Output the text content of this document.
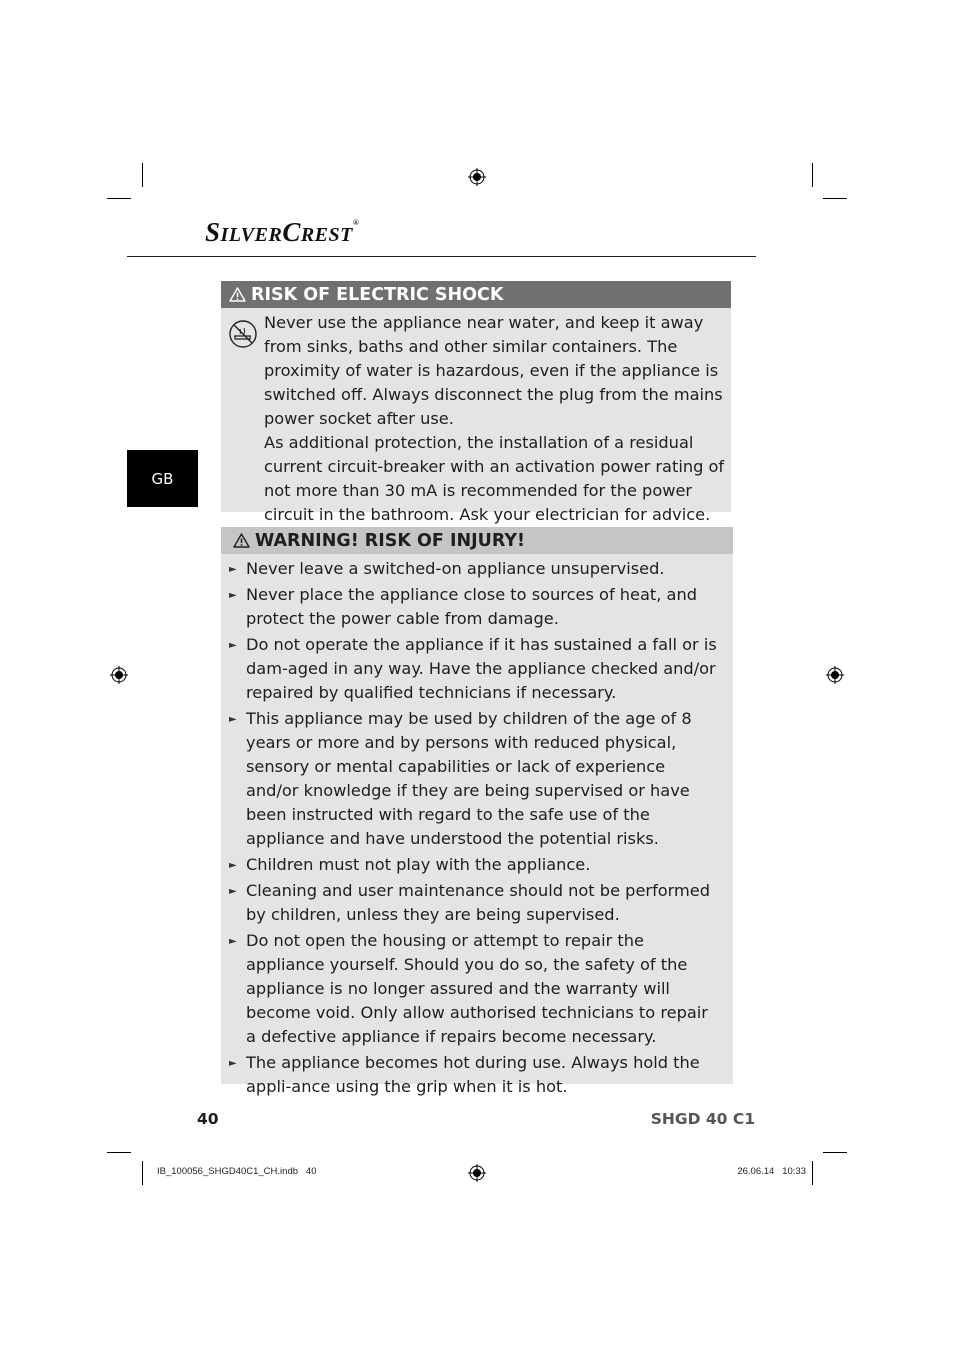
SILVERCREST®
GB
RISK OF ELECTRIC SHOCK

Never use the appliance near water, and keep it away from sinks, baths and other similar containers. The proximity of water is hazardous, even if the appliance is switched off. Always disconnect the plug from the mains power socket after use.
As additional protection, the installation of a residual current circuit-breaker with an activation power rating of not more than 30 mA is recommended for the power circuit in the bathroom. Ask your electrician for advice.

WARNING! RISK OF INJURY!
► Never leave a switched-on appliance unsupervised.
► Never place the appliance close to sources of heat, and protect the power cable from damage.
► Do not operate the appliance if it has sustained a fall or is dam-aged in any way. Have the appliance checked and/or repaired by qualified technicians if necessary.
► This appliance may be used by children of the age of 8 years or more and by persons with reduced physical, sensory or mental capabilities or lack of experience and/or knowledge if they are being supervised or have been instructed with regard to the safe use of the appliance and have understood the potential risks.
► Children must not play with the appliance.
► Cleaning and user maintenance should not be performed by children, unless they are being supervised.
► Do not open the housing or attempt to repair the appliance yourself. Should you do so, the safety of the appliance is no longer assured and the warranty will become void. Only allow authorised technicians to repair a defective appliance if repairs become necessary.
► The appliance becomes hot during use. Always hold the appli-ance using the grip when it is hot.
40	SHGD 40 C1
IB_100056_SHGD40C1_CH.indb   40	26.06.14   10:33
